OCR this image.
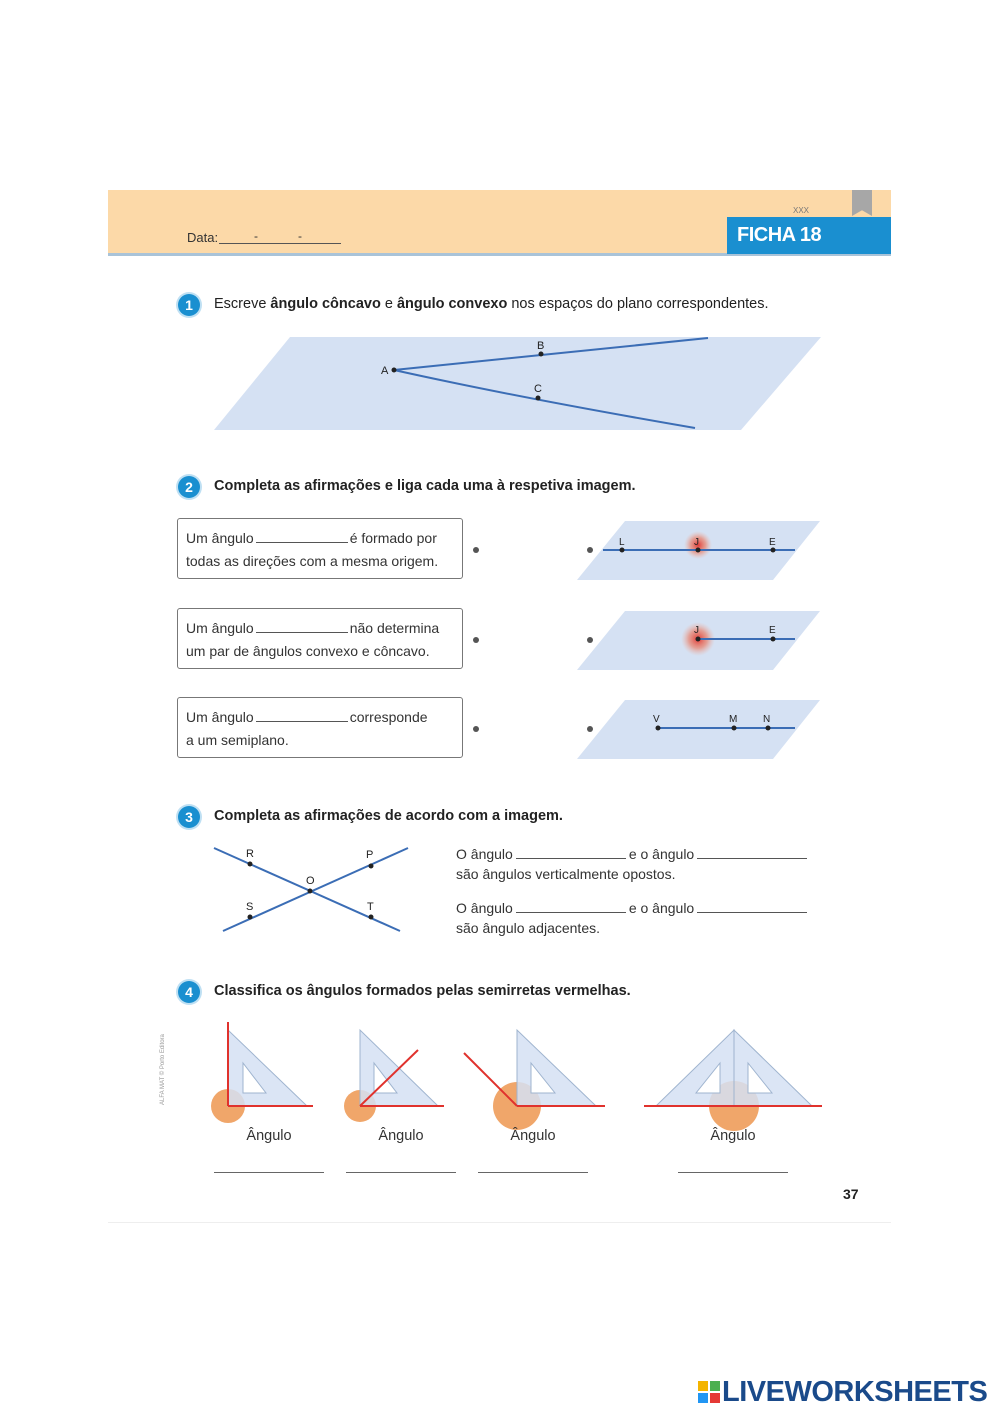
Data:	-	-
XXX
FICHA 18
1	Escreve ângulo côncavo e ângulo convexo nos espaços do plano correspondentes.
A
B
C
L	J	E
J	E
V	M	N
R	P
O
S	T
2	Completa as afirmações e liga cada uma à respetiva imagem.
Um ângulo	é formado por
todas as direções com a mesma origem.
Um ângulo	não determina
um par de ângulos convexo e côncavo.
Um ângulo	corresponde
a um semiplano.
3	Completa as afirmações de acordo com a imagem.
O ângulo	e o ângulo
são ângulos verticalmente opostos.
O ângulo	e o ângulo
são ângulo adjacentes.
4	Classifica os ângulos formados pelas semirretas vermelhas.
Ângulo	Ângulo	Ângulo	Ângulo
ALFA MAT © Porto Editora
37
LIVEWORKSHEETS
